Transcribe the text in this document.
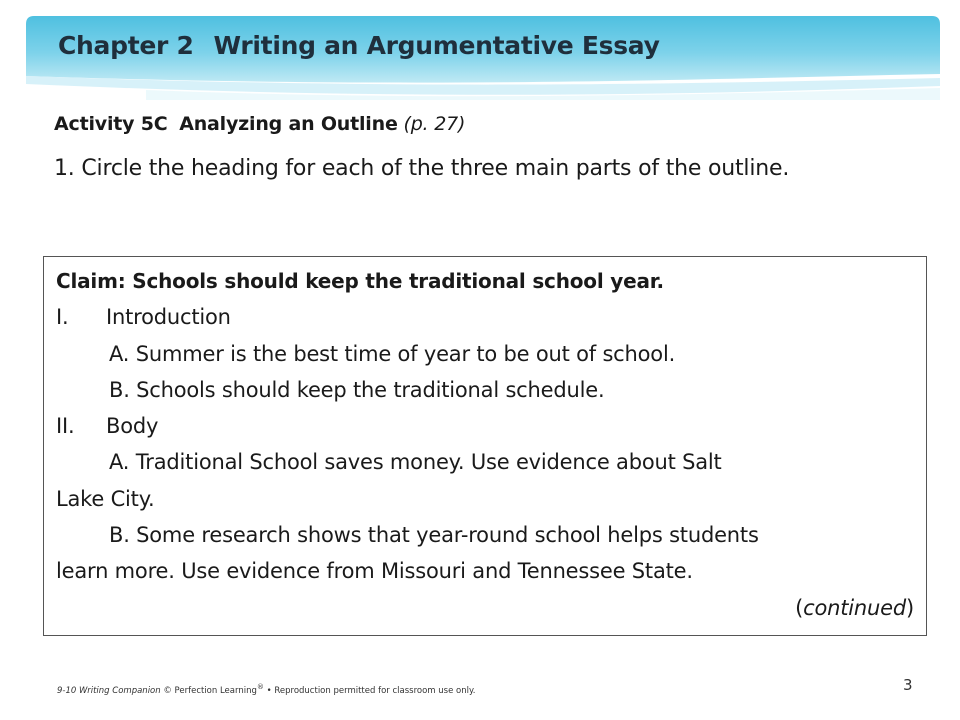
Chapter 2 Writing an Argumentative Essay
Activity 5C Analyzing an Outline (p. 27)
1. Circle the heading for each of the three main parts of the outline.
Claim: Schools should keep the traditional school year.
I. Introduction
A. Summer is the best time of year to be out of school.
B. Schools should keep the traditional schedule.
II. Body
A. Traditional School saves money. Use evidence about Salt
Lake City.
B. Some research shows that year-round school helps students
learn more. Use evidence from Missouri and Tennessee State.
(continued)
9-10 Writing Companion © Perfection Learning® • Reproduction permitted for classroom use only.	3
